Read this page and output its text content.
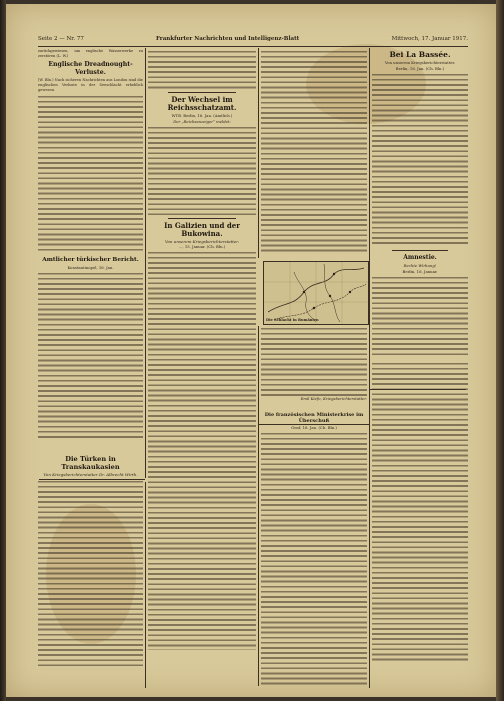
Seite 2 — Nr. 77	Frankfurter Nachrichten und Intelligenz-Blatt	Mittwoch, 17. Januar 1917.
zurückgewiesen, um englische Wasserwerke zu zerstören (L. W.)
Englische Dreadnought-Verluste.
(W. Bln.) Nach sicheren Nachrichten aus London sind die englischen Verluste in der Seeschlacht erheblich gewesen.
Amtlicher türkischer Bericht.
Konstantinopel, 16. Jan.
Die Türken in Transkaukasien
Von Kriegsberichterstatter Dr. Albrecht Wirth.
Der Wechsel im Reichsschatzamt.
WTB. Berlin, 16. Jan. (Amtlich.)
Der „Reichsanzeiger“ meldet:
In Galizien und der Bukowina.
Von unserem Kriegsberichterstatter.
..., 15. Januar. (Ch. Bln.)
Die Schlacht in Rumänien
Emil Kiefo, Kriegsberichterstatter.
Die französischen Ministerkrise im Überschuß
Genf, 16. Jan. (Ch. Bln.)
Bei La Bassée.
Von unserem Kriegsberichterstatter.
Berlin, 16. Jan. (Ch. Bln.)
Amnestie.
Rechte Wirkung!
Berlin, 16. Januar.
